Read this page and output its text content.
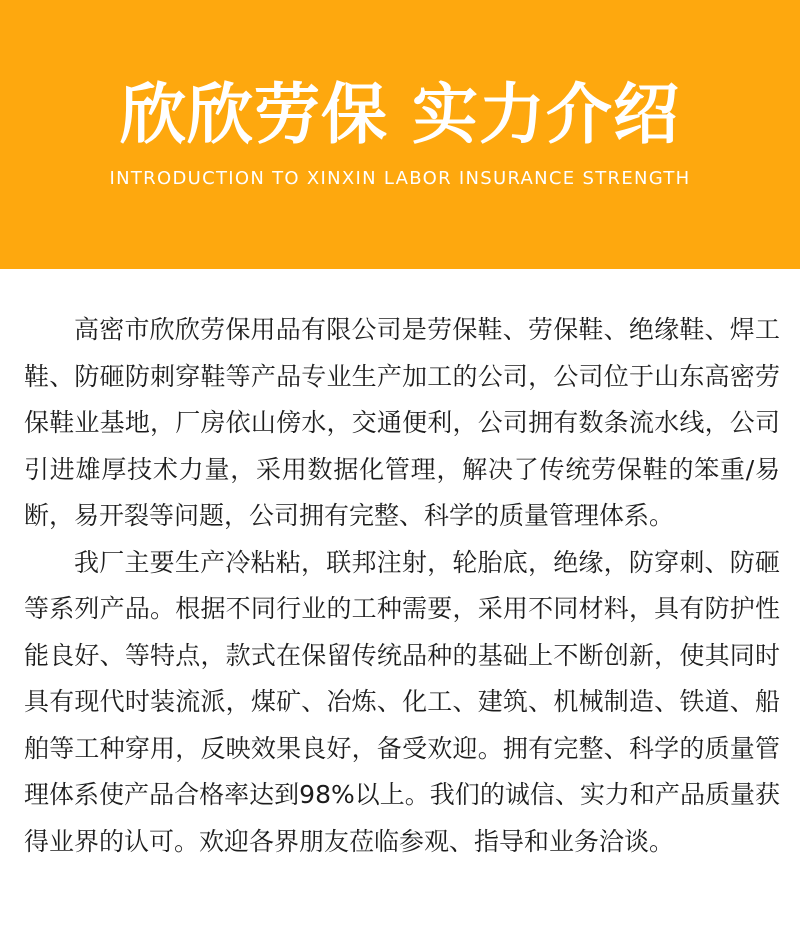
欣欣劳保 实力介绍
INTRODUCTION TO XINXIN LABOR INSURANCE STRENGTH

高密市欣欣劳保用品有限公司是劳保鞋、劳保鞋、绝缘鞋、焊工鞋、防砸防刺穿鞋等产品专业生产加工的公司，公司位于山东高密劳保鞋业基地，厂房依山傍水，交通便利，公司拥有数条流水线，公司引进雄厚技术力量，采用数据化管理，解决了传统劳保鞋的笨重/易断，易开裂等问题，公司拥有完整、科学的质量管理体系。

我厂主要生产冷粘粘，联邦注射，轮胎底，绝缘，防穿刺、防砸等系列产品。根据不同行业的工种需要，采用不同材料，具有防护性能良好、等特点，款式在保留传统品种的基础上不断创新，使其同时具有现代时装流派，煤矿、冶炼、化工、建筑、机械制造、铁道、船舶等工种穿用，反映效果良好，备受欢迎。拥有完整、科学的质量管理体系使产品合格率达到98%以上。我们的诚信、实力和产品质量获得业界的认可。欢迎各界朋友莅临参观、指导和业务洽谈。
